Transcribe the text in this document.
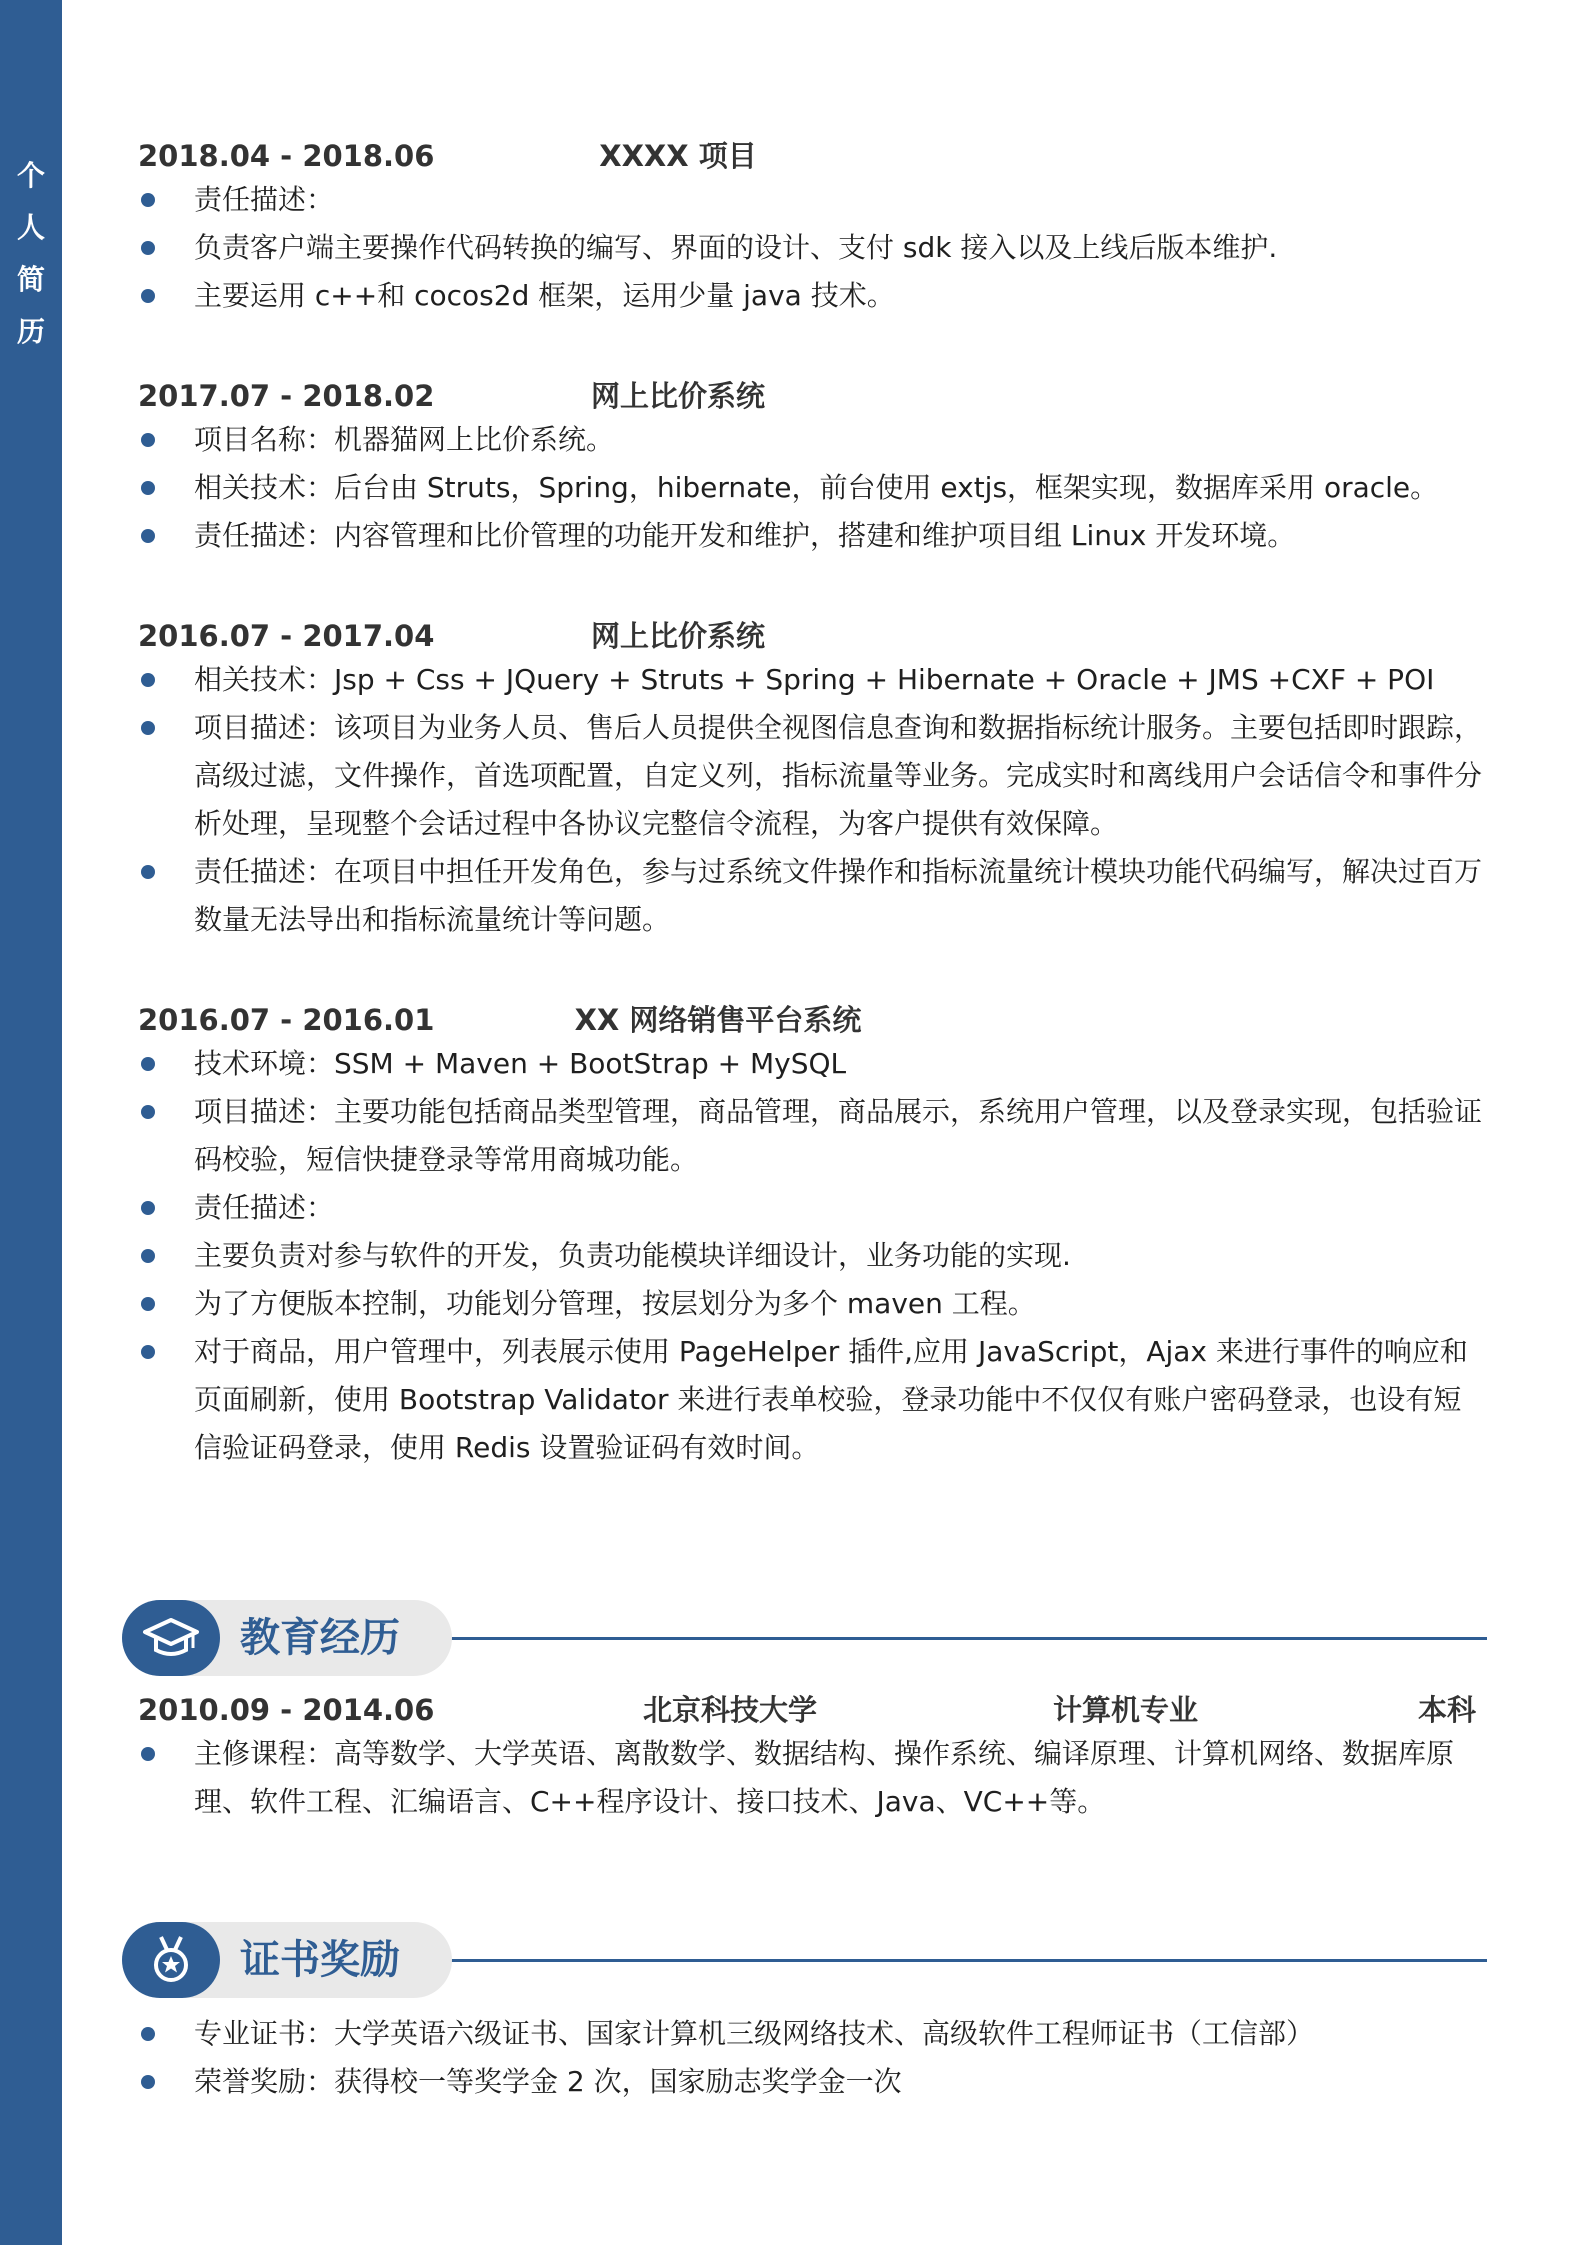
个
人
简
历
2018.04 - 2018.06	XXXX 项目
责任描述：
负责客户端主要操作代码转换的编写、界面的设计、支付 sdk 接入以及上线后版本维护.
主要运用 c++和 cocos2d 框架，运用少量 java 技术。
2017.07 - 2018.02	网上比价系统
项目名称：机器猫网上比价系统。
相关技术：后台由 Struts，Spring，hibernate，前台使用 extjs，框架实现，数据库采用 oracle。
责任描述：内容管理和比价管理的功能开发和维护，搭建和维护项目组 Linux 开发环境。
2016.07 - 2017.04	网上比价系统
相关技术：Jsp + Css + JQuery + Struts + Spring + Hibernate + Oracle + JMS +CXF + POI
项目描述：该项目为业务人员、售后人员提供全视图信息查询和数据指标统计服务。主要包括即时跟踪，高级过滤，文件操作，首选项配置，自定义列，指标流量等业务。完成实时和离线用户会话信令和事件分析处理，呈现整个会话过程中各协议完整信令流程，为客户提供有效保障。
责任描述：在项目中担任开发角色，参与过系统文件操作和指标流量统计模块功能代码编写，解决过百万数量无法导出和指标流量统计等问题。
2016.07 - 2016.01	XX 网络销售平台系统
技术环境：SSM + Maven + BootStrap + MySQL
项目描述：主要功能包括商品类型管理，商品管理，商品展示，系统用户管理，以及登录实现，包括验证码校验，短信快捷登录等常用商城功能。
责任描述：
主要负责对参与软件的开发，负责功能模块详细设计，业务功能的实现.
为了方便版本控制，功能划分管理，按层划分为多个 maven 工程。
对于商品，用户管理中，列表展示使用 PageHelper 插件,应用 JavaScript，Ajax 来进行事件的响应和页面刷新，使用 Bootstrap Validator 来进行表单校验，登录功能中不仅仅有账户密码登录，也设有短信验证码登录，使用 Redis 设置验证码有效时间。
教育经历
2010.09 - 2014.06	北京科技大学	计算机专业	本科
主修课程：高等数学、大学英语、离散数学、数据结构、操作系统、编译原理、计算机网络、数据库原理、软件工程、汇编语言、C++程序设计、接口技术、Java、VC++等。
证书奖励
专业证书：大学英语六级证书、国家计算机三级网络技术、高级软件工程师证书（工信部）
荣誉奖励：获得校一等奖学金 2 次，国家励志奖学金一次
